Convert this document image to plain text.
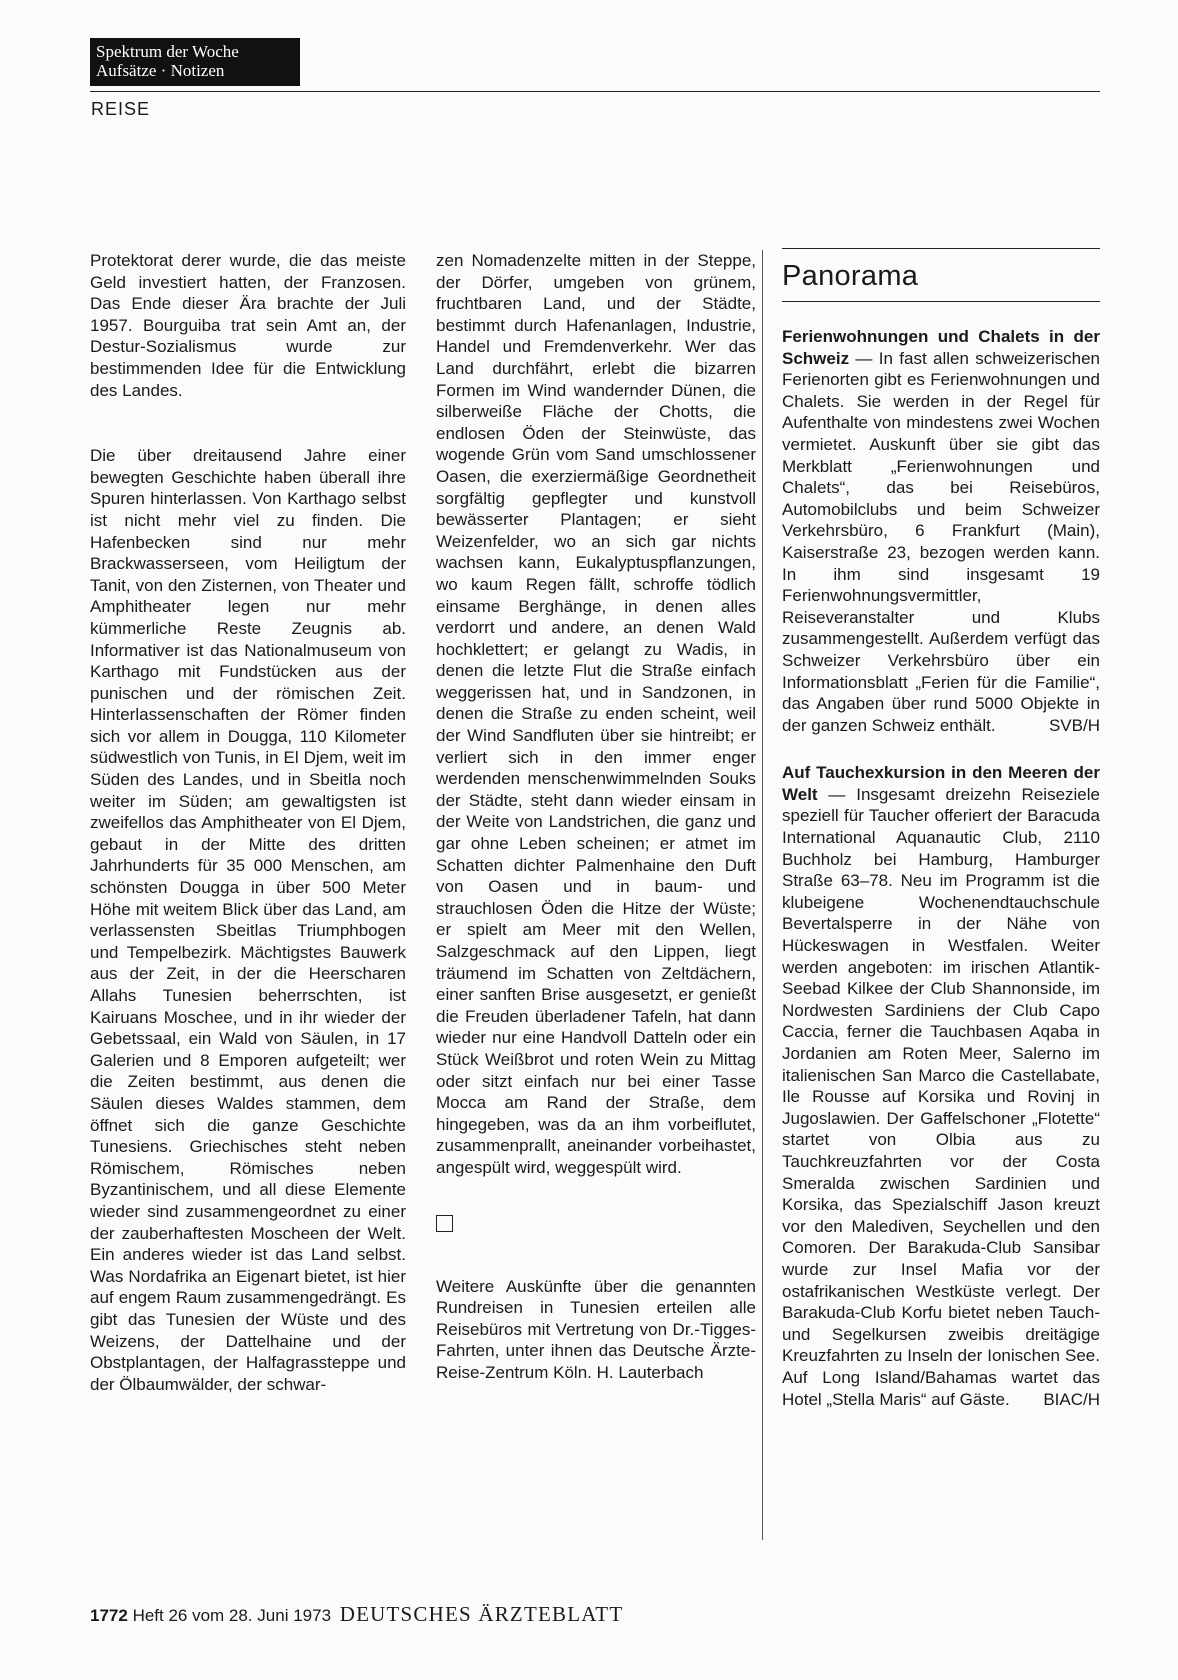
Spektrum der Woche
Aufsätze · Notizen
REISE

Protektorat derer wurde, die das meiste Geld investiert hatten, der Franzosen. Das Ende dieser Ära brachte der Juli 1957. Bourguiba trat sein Amt an, der Destur-Sozialismus wurde zur bestimmenden Idee für die Entwicklung des Landes.

Die über dreitausend Jahre einer bewegten Geschichte haben überall ihre Spuren hinterlassen. Von Karthago selbst ist nicht mehr viel zu finden. Die Hafenbecken sind nur mehr Brackwasserseen, vom Heiligtum der Tanit, von den Zisternen, von Theater und Amphitheater legen nur mehr kümmerliche Reste Zeugnis ab. Informativer ist das Nationalmuseum von Karthago mit Fundstücken aus der punischen und der römischen Zeit. Hinterlassenschaften der Römer finden sich vor allem in Dougga, 110 Kilometer südwestlich von Tunis, in El Djem, weit im Süden des Landes, und in Sbeitla noch weiter im Süden; am gewaltigsten ist zweifellos das Amphitheater von El Djem, gebaut in der Mitte des dritten Jahrhunderts für 35 000 Menschen, am schönsten Dougga in über 500 Meter Höhe mit weitem Blick über das Land, am verlassensten Sbeitlas Triumphbogen und Tempelbezirk. Mächtigstes Bauwerk aus der Zeit, in der die Heerscharen Allahs Tunesien beherrschten, ist Kairuans Moschee, und in ihr wieder der Gebetssaal, ein Wald von Säulen, in 17 Galerien und 8 Emporen aufgeteilt; wer die Zeiten bestimmt, aus denen die Säulen dieses Waldes stammen, dem öffnet sich die ganze Geschichte Tunesiens. Griechisches steht neben Römischem, Römisches neben Byzantinischem, und all diese Elemente wieder sind zusammengeordnet zu einer der zauberhaftesten Moscheen der Welt. Ein anderes wieder ist das Land selbst. Was Nordafrika an Eigenart bietet, ist hier auf engem Raum zusammengedrängt. Es gibt das Tunesien der Wüste und des Weizens, der Dattelhaine und der Obstplantagen, der Halfagrassteppe und der Ölbaumwälder, der schwar-

zen Nomadenzelte mitten in der Steppe, der Dörfer, umgeben von grünem, fruchtbaren Land, und der Städte, bestimmt durch Hafenanlagen, Industrie, Handel und Fremdenverkehr. Wer das Land durchfährt, erlebt die bizarren Formen im Wind wandernder Dünen, die silberweiße Fläche der Chotts, die endlosen Öden der Steinwüste, das wogende Grün vom Sand umschlossener Oasen, die exerziermäßige Geordnetheit sorgfältig gepflegter und kunstvoll bewässerter Plantagen; er sieht Weizenfelder, wo an sich gar nichts wachsen kann, Eukalyptuspflanzungen, wo kaum Regen fällt, schroffe tödlich einsame Berghänge, in denen alles verdorrt und andere, an denen Wald hochklettert; er gelangt zu Wadis, in denen die letzte Flut die Straße einfach weggerissen hat, und in Sandzonen, in denen die Straße zu enden scheint, weil der Wind Sandfluten über sie hintreibt; er verliert sich in den immer enger werdenden menschenwimmelnden Souks der Städte, steht dann wieder einsam in der Weite von Landstrichen, die ganz und gar ohne Leben scheinen; er atmet im Schatten dichter Palmenhaine den Duft von Oasen und in baum- und strauchlosen Öden die Hitze der Wüste; er spielt am Meer mit den Wellen, Salzgeschmack auf den Lippen, liegt träumend im Schatten von Zeltdächern, einer sanften Brise ausgesetzt, er genießt die Freuden überladener Tafeln, hat dann wieder nur eine Handvoll Datteln oder ein Stück Weißbrot und roten Wein zu Mittag oder sitzt einfach nur bei einer Tasse Mocca am Rand der Straße, dem hingegeben, was da an ihm vorbeiflutet, zusammenprallt, aneinander vorbeihastet, angespült wird, weggespült wird.

Weitere Auskünfte über die genannten Rundreisen in Tunesien erteilen alle Reisebüros mit Vertretung von Dr.-Tigges-Fahrten, unter ihnen das Deutsche Ärzte-Reise-Zentrum Köln. H. Lauterbach

Panorama

Ferienwohnungen und Chalets in der Schweiz — In fast allen schweizerischen Ferienorten gibt es Ferienwohnungen und Chalets. Sie werden in der Regel für Aufenthalte von mindestens zwei Wochen vermietet. Auskunft über sie gibt das Merkblatt „Ferienwohnungen und Chalets“, das bei Reisebüros, Automobilclubs und beim Schweizer Verkehrsbüro, 6 Frankfurt (Main), Kaiserstraße 23, bezogen werden kann. In ihm sind insgesamt 19 Ferienwohnungsvermittler, Reiseveranstalter und Klubs zusammengestellt. Außerdem verfügt das Schweizer Verkehrsbüro über ein Informationsblatt „Ferien für die Familie“, das Angaben über rund 5000 Objekte in der ganzen Schweiz enthält.	SVB/H

Auf Tauchexkursion in den Meeren der Welt — Insgesamt dreizehn Reiseziele speziell für Taucher offeriert der Baracuda International Aquanautic Club, 2110 Buchholz bei Hamburg, Hamburger Straße 63–78. Neu im Programm ist die klubeigene Wochenendtauchschule Bevertalsperre in der Nähe von Hückeswagen in Westfalen. Weiter werden angeboten: im irischen Atlantik-Seebad Kilkee der Club Shannonside, im Nordwesten Sardiniens der Club Capo Caccia, ferner die Tauchbasen Aqaba in Jordanien am Roten Meer, Salerno im italienischen San Marco die Castellabate, Ile Rousse auf Korsika und Rovinj in Jugoslawien. Der Gaffelschoner „Flotette“ startet von Olbia aus zu Tauchkreuzfahrten vor der Costa Smeralda zwischen Sardinien und Korsika, das Spezialschiff Jason kreuzt vor den Malediven, Seychellen und den Comoren. Der Barakuda-Club Sansibar wurde zur Insel Mafia vor der ostafrikanischen Westküste verlegt. Der Barakuda-Club Korfu bietet neben Tauch- und Segelkursen zweibis dreitägige Kreuzfahrten zu Inseln der Ionischen See. Auf Long Island/Bahamas wartet das Hotel „Stella Maris“ auf Gäste. BIAC/H

1772 Heft 26 vom 28. Juni 1973 DEUTSCHES ÄRZTEBLATT
